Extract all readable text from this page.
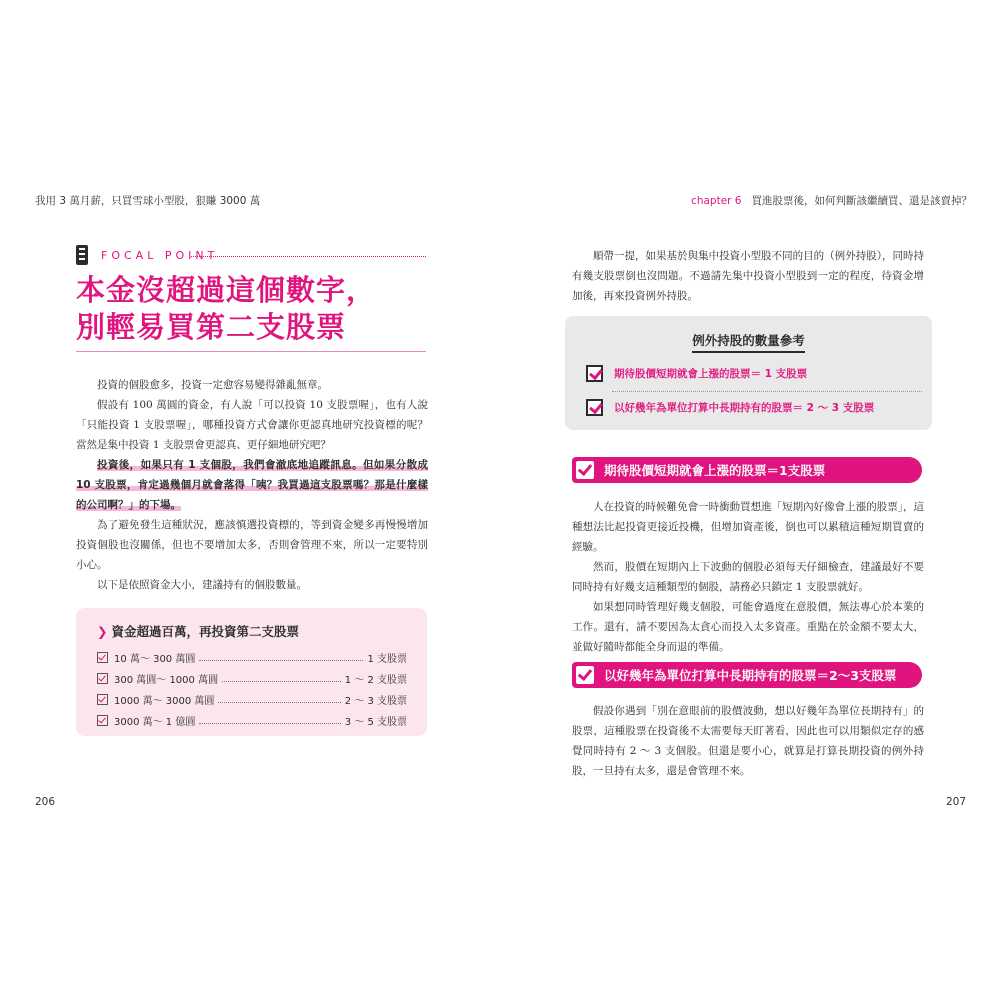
我用 3 萬月薪，只買雪球小型股，狠賺 3000 萬	chapter 6 買進股票後，如何判斷該繼續買、還是該賣掉？
FOCAL POINT
本金沒超過這個數字，
別輕易買第二支股票

投資的個股愈多，投資一定愈容易變得雜亂無章。

假設有 100 萬圓的資金，有人說「可以投資 10 支股票喔」，也有人說「只能投資 1 支股票喔」，哪種投資方式會讓你更認真地研究投資標的呢？當然是集中投資 1 支股票會更認真、更仔細地研究吧？

投資後，如果只有 1 支個股，我們會澈底地追蹤訊息。但如果分散成 10 支股票，肯定過幾個月就會落得「咦？我買過這支股票嗎？那是什麼樣的公司啊？」的下場。

為了避免發生這種狀況，應該慎選投資標的，等到資金變多再慢慢增加投資個股也沒關係，但也不要增加太多，否則會管理不來，所以一定要特別小心。

以下是依照資金大小，建議持有的個股數量。

❯ 資金超過百萬，再投資第二支股票
10 萬～ 300 萬圓	1 支股票
300 萬圓～ 1000 萬圓	1 ～ 2 支股票
1000 萬～ 3000 萬圓	2 ～ 3 支股票
3000 萬～ 1 億圓	3 ～ 5 支股票
206

順帶一提，如果基於與集中投資小型股不同的目的（例外持股），同時持有幾支股票倒也沒問題。不過請先集中投資小型股到一定的程度，待資金增加後，再來投資例外持股。

例外持股的數量參考
期待股價短期就會上漲的股票＝ 1 支股票
以好幾年為單位打算中長期持有的股票＝ 2 ～ 3 支股票
期待股價短期就會上漲的股票＝1支股票

人在投資的時候難免會一時衝動買想進「短期內好像會上漲的股票」，這種想法比起投資更接近投機，但增加資產後，倒也可以累積這種短期買賣的經驗。

然而，股價在短期內上下波動的個股必須每天仔細檢查，建議最好不要同時持有好幾支這種類型的個股，請務必只鎖定 1 支股票就好。

如果想同時管理好幾支個股，可能會過度在意股價，無法專心於本業的工作。還有，請不要因為太貪心而投入太多資產。重點在於金額不要太大，並做好隨時都能全身而退的準備。

以好幾年為單位打算中長期持有的股票＝2～3支股票

假設你遇到「別在意眼前的股價波動，想以好幾年為單位長期持有」的股票，這種股票在投資後不太需要每天盯著看，因此也可以用類似定存的感覺同時持有 2 ～ 3 支個股。但還是要小心，就算是打算長期投資的例外持股，一旦持有太多，還是會管理不來。

207
